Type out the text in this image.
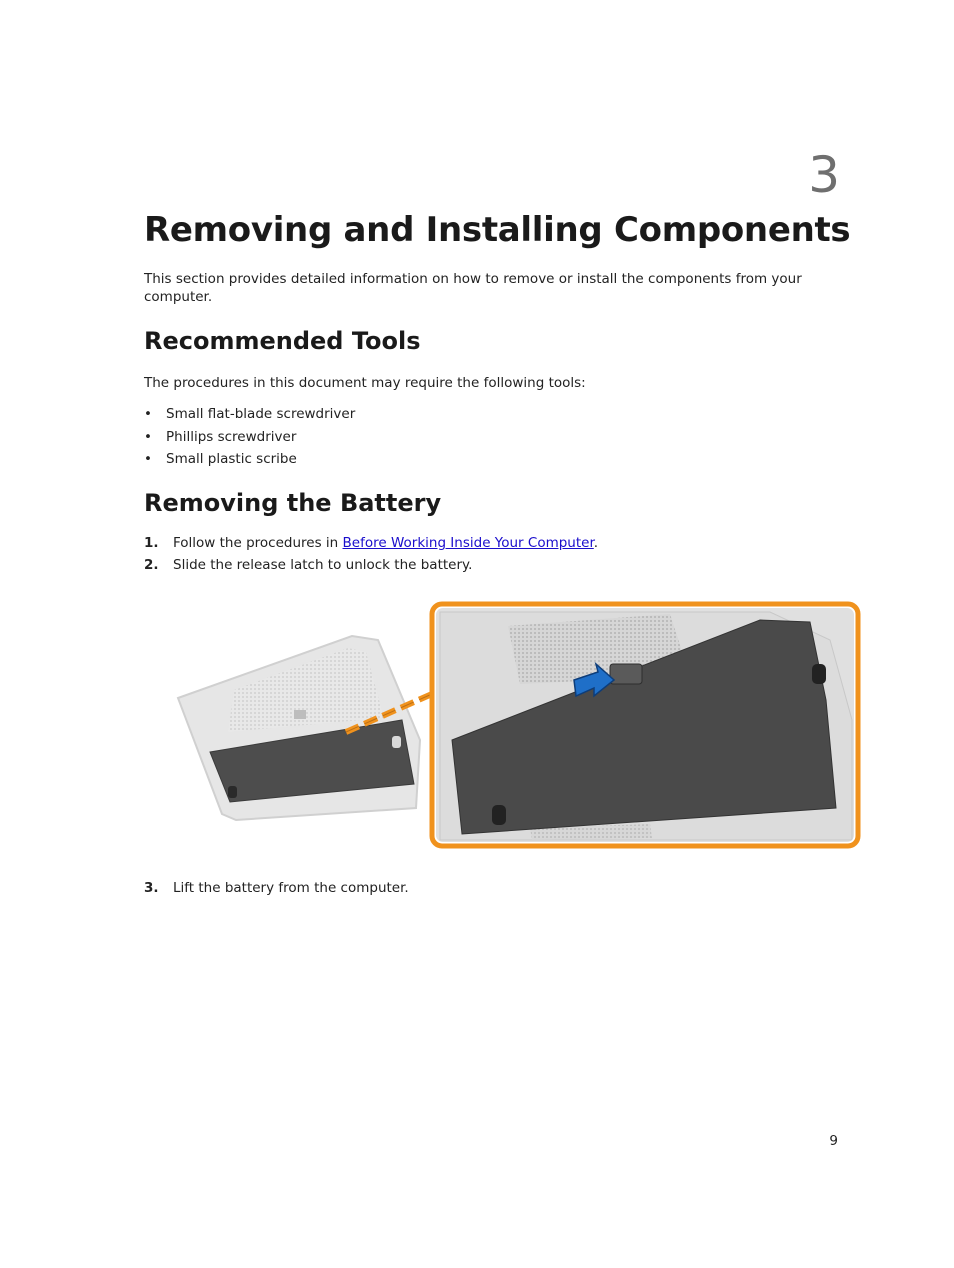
3
Removing and Installing Components

This section provides detailed information on how to remove or install the components from your computer.

Recommended Tools

The procedures in this document may require the following tools:

• Small flat-blade screwdriver
• Phillips screwdriver
• Small plastic scribe
Removing the Battery
1. Follow the procedures in Before Working Inside Your Computer.
2. Slide the release latch to unlock the battery.
3. Lift the battery from the computer.
9
